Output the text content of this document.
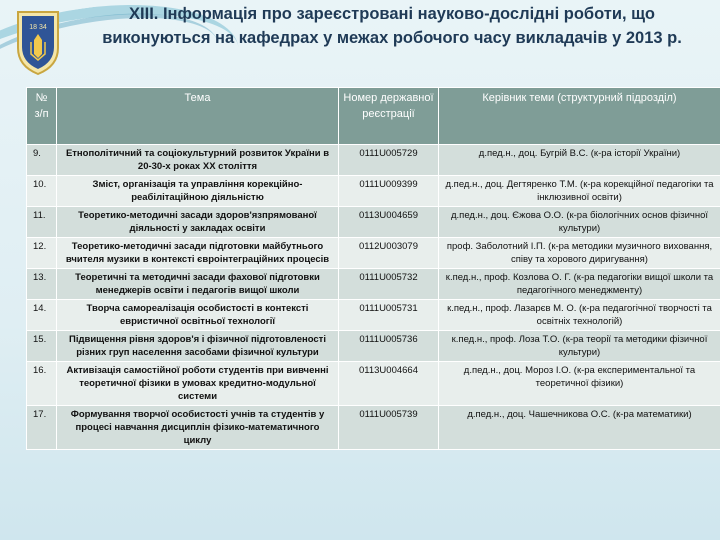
18 34
XIII. Інформація про зареєстровані науково-дослідні роботи, що виконуються на кафедрах у межах робочого часу викладачів у 2013 р.
№ з/п	Тема	Номер державної реєстрації	Керівник теми (структурний підрозділ)
9.	Етнополітичний та соціокультурний розвиток України в 20-30-х роках ХХ століття	0111U005729	д.пед.н., доц. Бугрій В.С. (к-ра історії України)
10.	Зміст, організація та управління корекційно-реабілітаційною діяльністю	0111U009399	д.пед.н., доц. Дегтяренко Т.М. (к-ра корекційної педагогіки та інклюзивної освіти)
11.	Теоретико-методичні засади здоров'язпрямованої діяльності у закладах освіти	0113U004659	д.пед.н., доц. Єжова О.О. (к-ра біологічних основ фізичної культури)
12.	Теоретико-методичні засади підготовки майбутнього вчителя музики в контексті євроінтеграційних процесів	0112U003079	проф. Заболотний І.П. (к-ра методики музичного виховання, співу та хорового диригування)
13.	Теоретичні та методичні засади фахової підготовки менеджерів освіти і педагогів вищої школи	0111U005732	к.пед.н., проф. Козлова О. Г. (к-ра педагогіки вищої школи та педагогічного менеджменту)
14.	Творча самореалізація особистості в контексті евристичної освітньої технології	0111U005731	к.пед.н., проф. Лазарєв М. О. (к-ра педагогічної творчості та освітніх технологій)
15.	Підвищення рівня здоров'я і фізичної підготовленості різних груп населення засобами фізичної культури	0111U005736	к.пед.н., проф. Лоза Т.О. (к-ра теорії та методики фізичної культури)
16.	Активізація самостійної роботи студентів при вивченні теоретичної фізики в умовах кредитно-модульної системи	0113U004664	д.пед.н., доц. Мороз І.О. (к-ра експериментальної та теоретичної фізики)
17.	Формування творчої особистості учнів та студентів у процесі навчання дисциплін фізико-математичного циклу	0111U005739	д.пед.н., доц. Чашечникова О.С. (к-ра математики)
